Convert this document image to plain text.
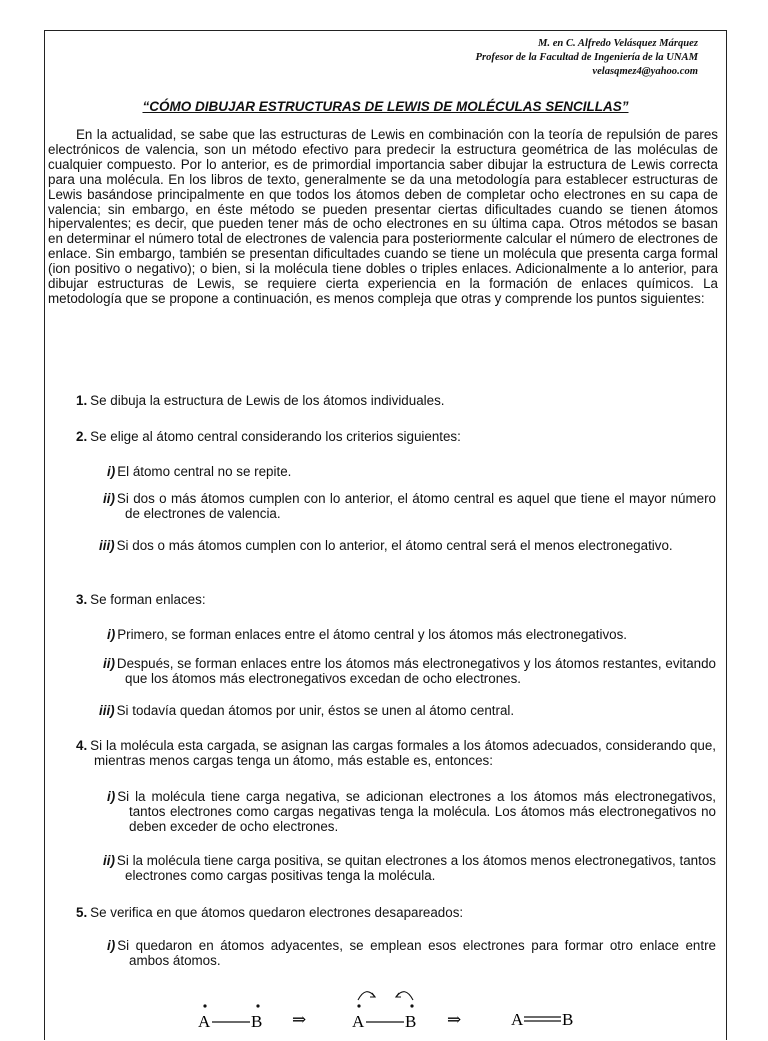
M. en C. Alfredo Velásquez Márquez
Profesor de la Facultad de Ingeniería de la UNAM
velasqmez4@yahoo.com
“CÓMO DIBUJAR ESTRUCTURAS DE LEWIS DE MOLÉCULAS SENCILLAS”

En la actualidad, se sabe que las estructuras de Lewis en combinación con la teoría de repulsión de pares electrónicos de valencia, son un método efectivo para predecir la estructura geométrica de las moléculas de cualquier compuesto. Por lo anterior, es de primordial importancia saber dibujar la estructura de Lewis correcta para una molécula. En los libros de texto, generalmente se da una metodología para establecer estructuras de Lewis basándose principalmente en que todos los átomos deben de completar ocho electrones en su capa de valencia; sin embargo, en éste método se pueden presentar ciertas dificultades cuando se tienen átomos hipervalentes; es decir, que pueden tener más de ocho electrones en su última capa. Otros métodos se basan en determinar el número total de electrones de valencia para posteriormente calcular el número de electrones de enlace. Sin embargo, también se presentan dificultades cuando se tiene un molécula que presenta carga formal (ion positivo o negativo); o bien, si la molécula tiene dobles o triples enlaces. Adicionalmente a lo anterior, para dibujar estructuras de Lewis, se requiere cierta experiencia en la formación de enlaces químicos. La metodología que se propone a continuación, es menos compleja que otras y comprende los puntos siguientes:

1. Se dibuja la estructura de Lewis de los átomos individuales.
2. Se elige al átomo central considerando los criterios siguientes:
i) El átomo central no se repite.
ii) Si dos o más átomos cumplen con lo anterior, el átomo central es aquel que tiene el mayor número de electrones de valencia.
iii) Si dos o más átomos cumplen con lo anterior, el átomo central será el menos electronegativo.
3. Se forman enlaces:
i) Primero, se forman enlaces entre el átomo central y los átomos más electronegativos.
ii) Después, se forman enlaces entre los átomos más electronegativos y los átomos restantes, evitando que los átomos más electronegativos excedan de ocho electrones.
iii) Si todavía quedan átomos por unir, éstos se unen al átomo central.
4. Si la molécula esta cargada, se asignan las cargas formales a los átomos adecuados, considerando que, mientras menos cargas tenga un átomo, más estable es, entonces:
i) Si la molécula tiene carga negativa, se adicionan electrones a los átomos más electronegativos, tantos electrones como cargas negativas tenga la molécula. Los átomos más electronegativos no deben exceder de ocho electrones.
ii) Si la molécula tiene carga positiva, se quitan electrones a los átomos menos electronegativos, tantos electrones como cargas positivas tenga la molécula.
5. Se verifica en que átomos quedaron electrones desapareados:
i) Si quedaron en átomos adyacentes, se emplean esos electrones para formar otro enlace entre ambos átomos.
A B ⇒	A B ⇒	A B
